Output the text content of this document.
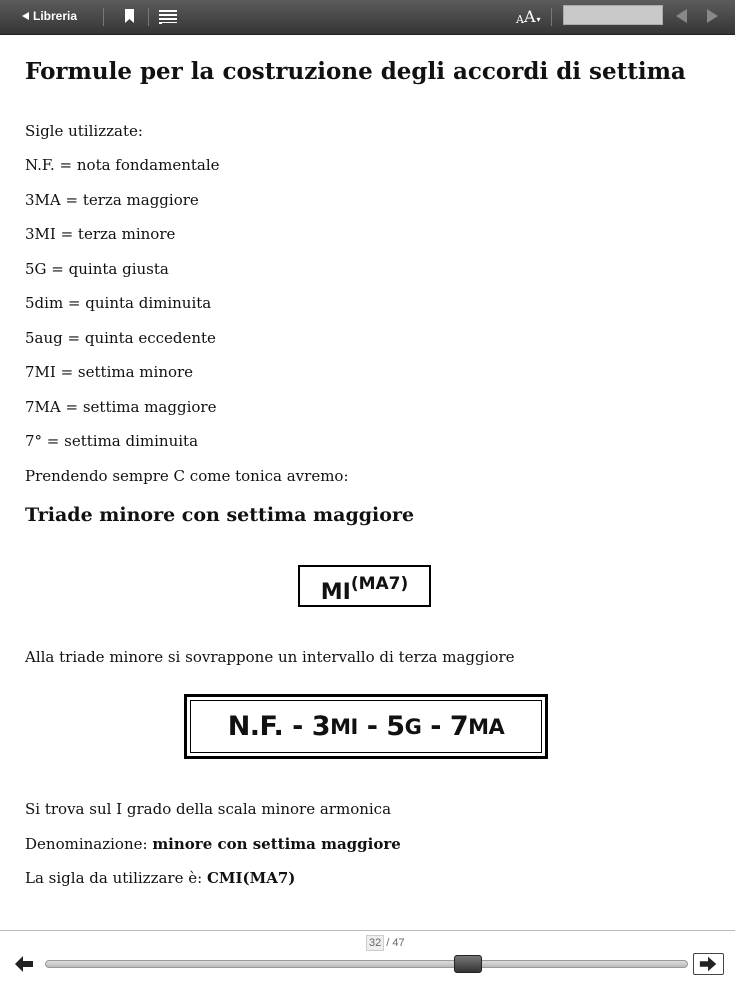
Libreria	A A ▾
Formule per la costruzione degli accordi di settima
Sigle utilizzate:
N.F. = nota fondamentale
3MA = terza maggiore
3MI = terza minore
5G = quinta giusta
5dim = quinta diminuita
5aug = quinta eccedente
7MI = settima minore
7MA = settima maggiore
7° = settima diminuita
Prendendo sempre C come tonica avremo:
Triade minore con settima maggiore
MI (MA7)
Alla triade minore si sovrappone un intervallo di terza maggiore
N.F. - 3 MI - 5 G - 7 MA
Si trova sul I grado della scala minore armonica
Denominazione: minore con settima maggiore
La sigla da utilizzare è: CMI(MA7)
32 / 47
